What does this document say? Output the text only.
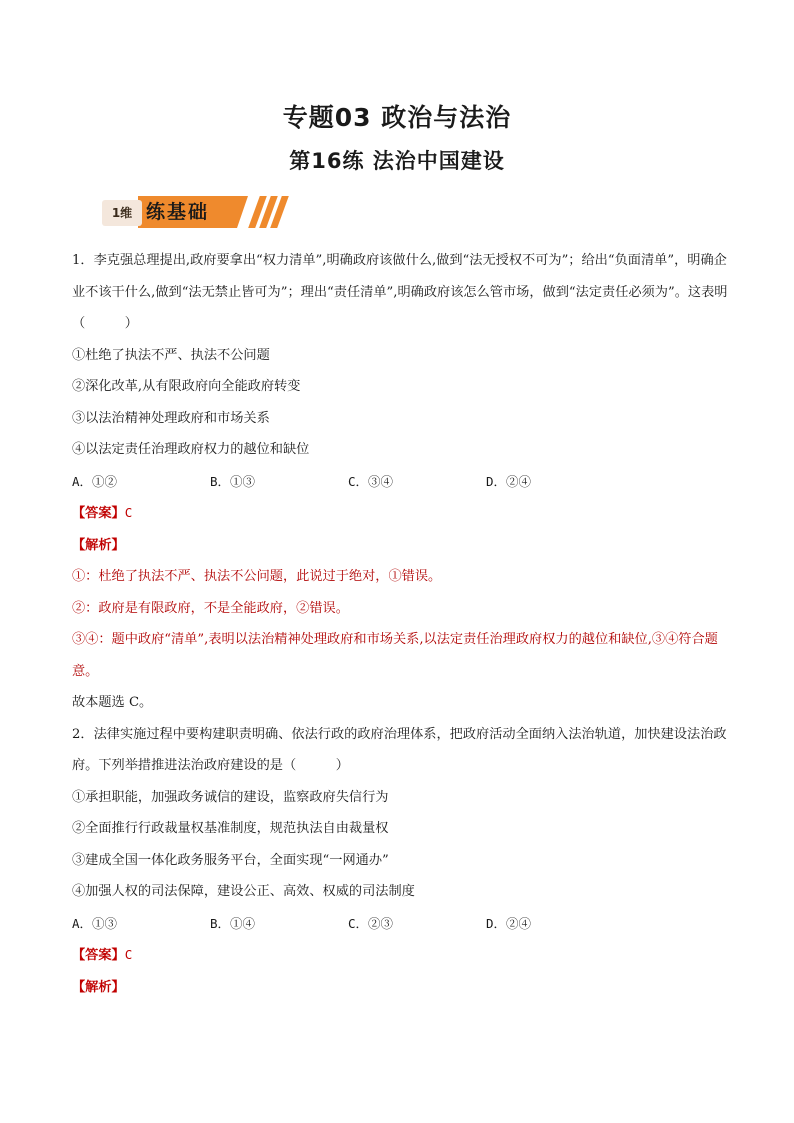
专题03 政治与法治
第16练 法治中国建设
1维 练基础
1．李克强总理提出,政府要拿出“权力清单”,明确政府该做什么,做到“法无授权不可为”；给出“负面清单”，明确企业不该干什么,做到“法无禁止皆可为”；理出“责任清单”,明确政府该怎么管市场，做到“法定责任必须为”。这表明（　　　）
①杜绝了执法不严、执法不公问题
②深化改革,从有限政府向全能政府转变
③以法治精神处理政府和市场关系
④以法定责任治理政府权力的越位和缺位
A．①②	B．①③	C．③④	D．②④
【答案】C
【解析】
①：杜绝了执法不严、执法不公问题，此说过于绝对，①错误。
②：政府是有限政府，不是全能政府，②错误。
③④：题中政府“清单”,表明以法治精神处理政府和市场关系,以法定责任治理政府权力的越位和缺位,③④符合题意。
故本题选 C。
2．法律实施过程中要构建职责明确、依法行政的政府治理体系，把政府活动全面纳入法治轨道，加快建设法治政府。下列举措推进法治政府建设的是（　　　）
①承担职能，加强政务诚信的建设，监察政府失信行为
②全面推行行政裁量权基准制度，规范执法自由裁量权
③建成全国一体化政务服务平台，全面实现“一网通办”
④加强人权的司法保障，建设公正、高效、权威的司法制度
A．①③	B．①④	C．②③	D．②④
【答案】C
【解析】
